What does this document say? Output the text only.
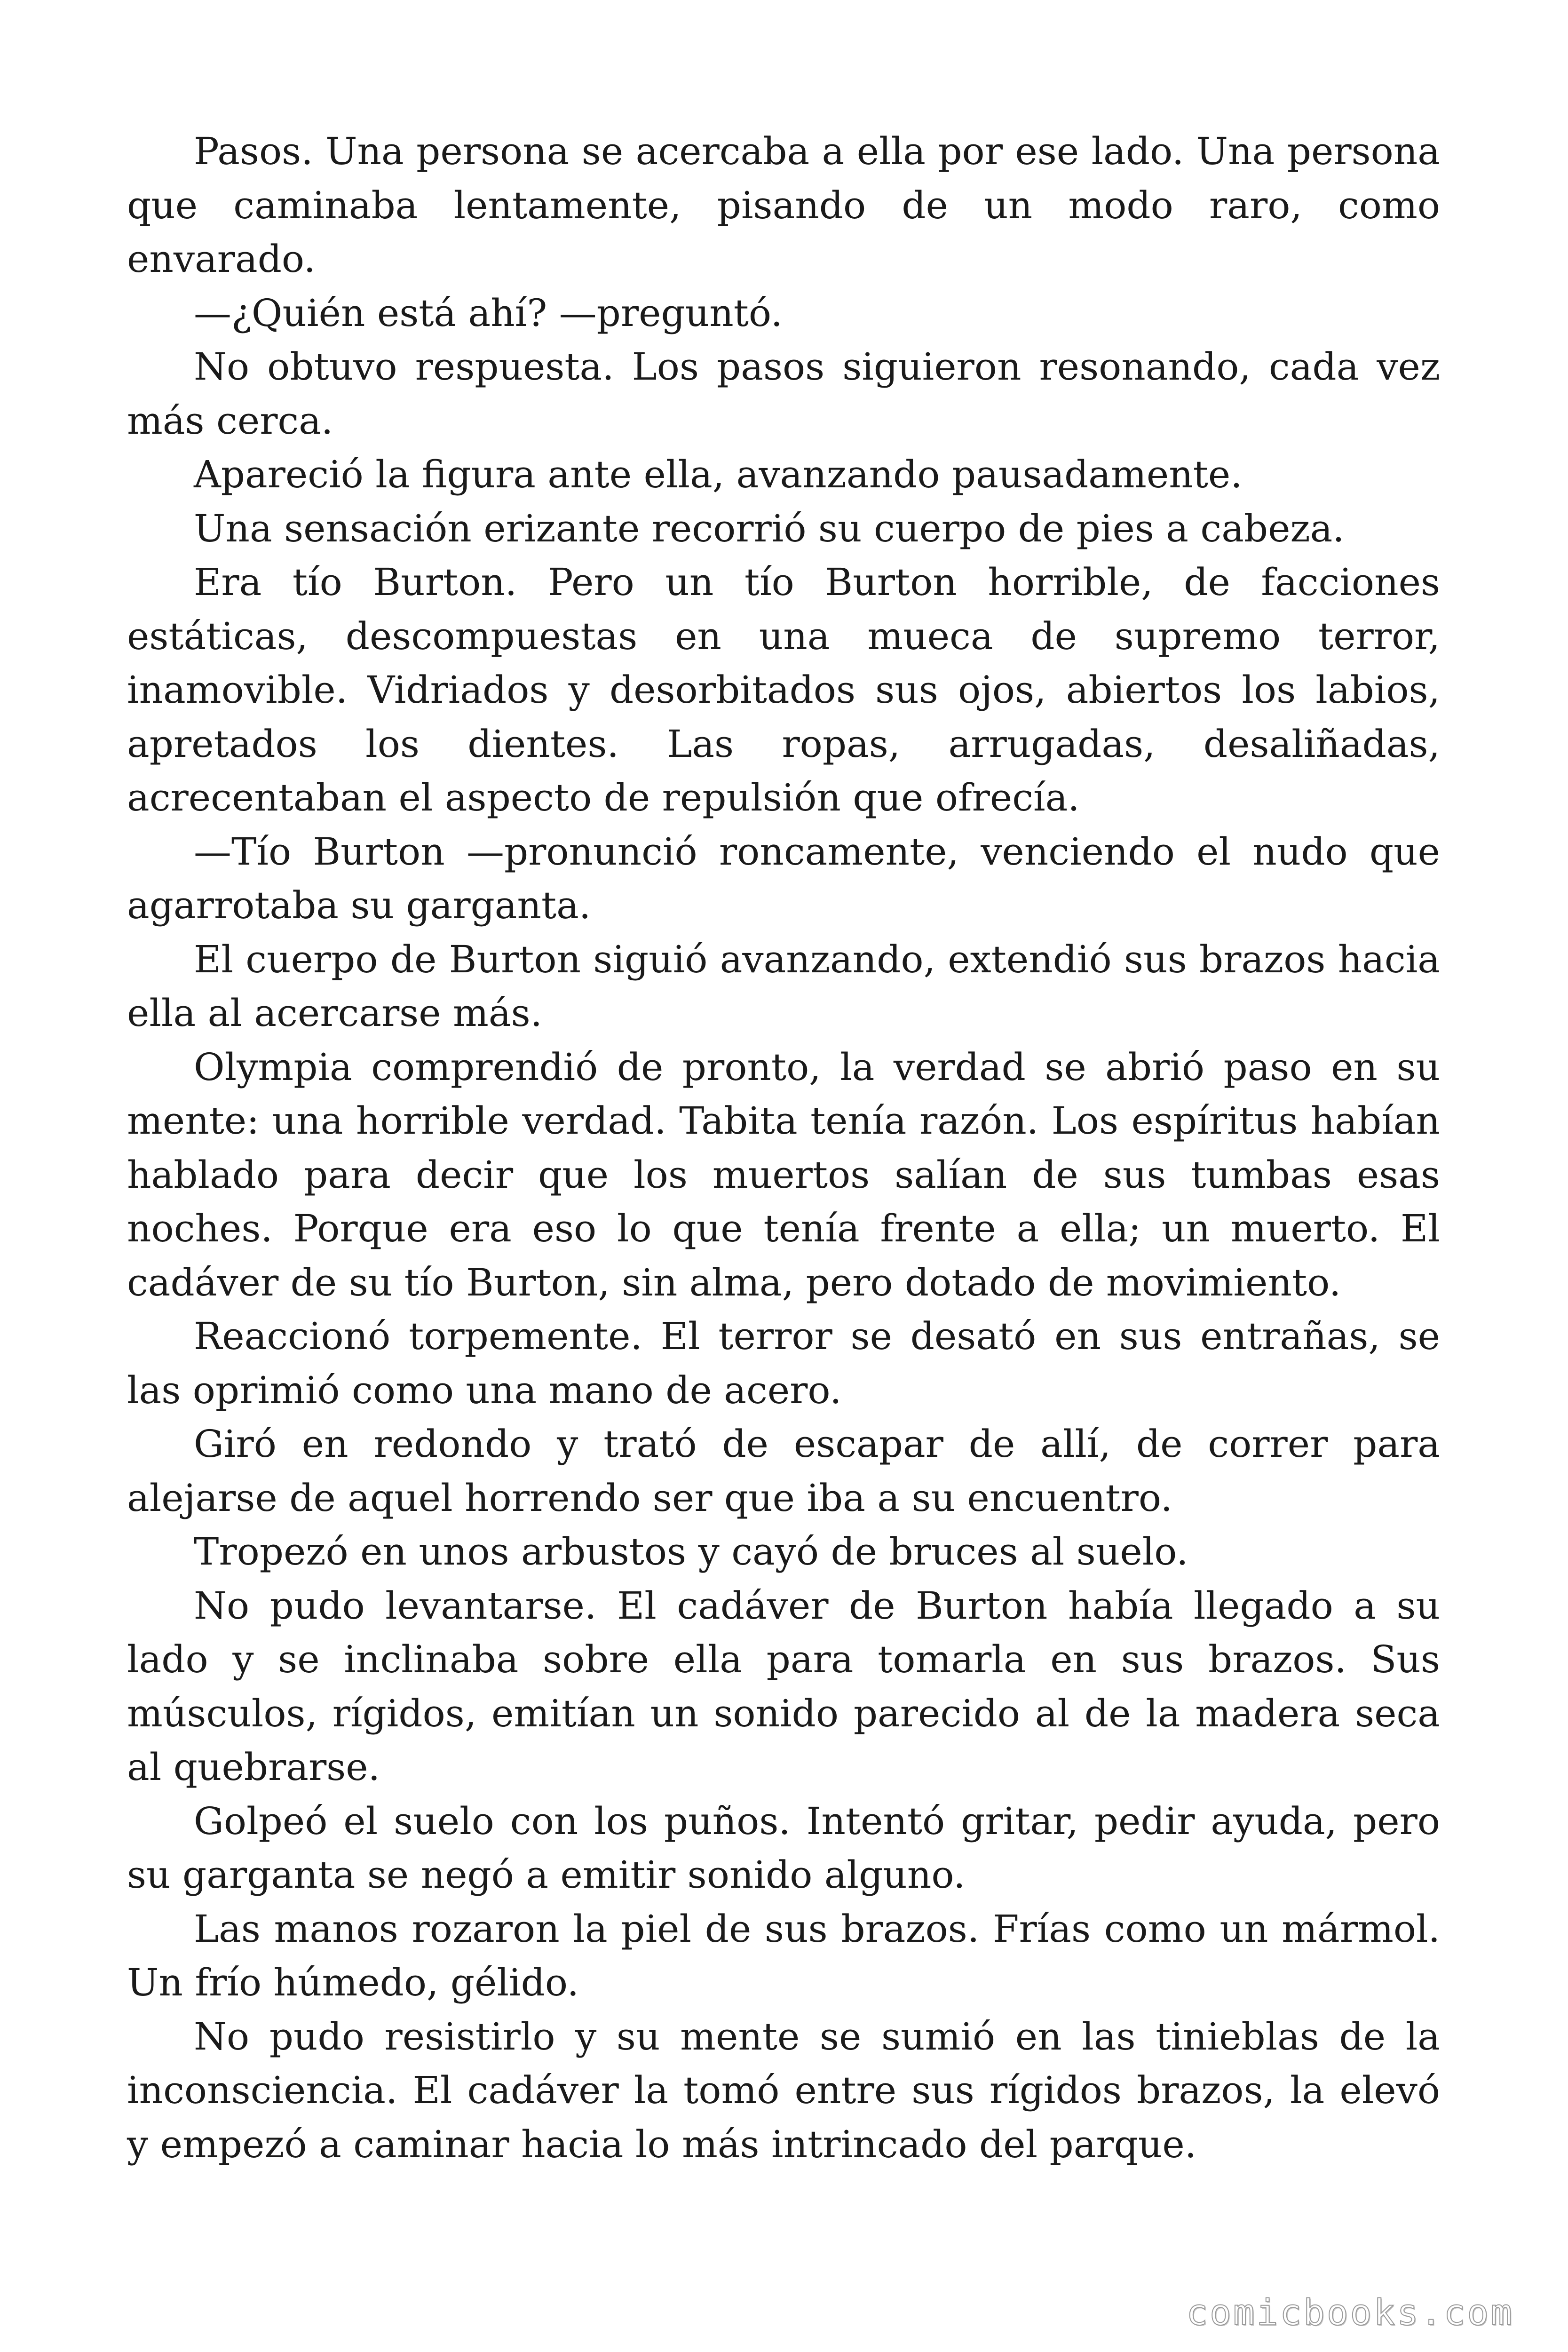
Pasos. Una persona se acercaba a ella por ese lado. Una persona que caminaba lentamente, pisando de un modo raro, como envarado.

—¿Quién está ahí? —preguntó.

No obtuvo respuesta. Los pasos siguieron resonando, cada vez más cerca.

Apareció la figura ante ella, avanzando pausadamente.

Una sensación erizante recorrió su cuerpo de pies a cabeza.

Era tío Burton. Pero un tío Burton horrible, de facciones estáticas, descompuestas en una mueca de supremo terror, inamovible. Vidriados y desorbitados sus ojos, abiertos los labios, apretados los dientes. Las ropas, arrugadas, desaliñadas, acrecentaban el aspecto de repulsión que ofrecía.

—Tío Burton —pronunció roncamente, venciendo el nudo que agarrotaba su garganta.

El cuerpo de Burton siguió avanzando, extendió sus brazos hacia ella al acercarse más.

Olympia comprendió de pronto, la verdad se abrió paso en su mente: una horrible verdad. Tabita tenía razón. Los espíritus habían hablado para decir que los muertos salían de sus tumbas esas noches. Porque era eso lo que tenía frente a ella; un muerto. El cadáver de su tío Burton, sin alma, pero dotado de movimiento.

Reaccionó torpemente. El terror se desató en sus entrañas, se las oprimió como una mano de acero.

Giró en redondo y trató de escapar de allí, de correr para alejarse de aquel horrendo ser que iba a su encuentro.

Tropezó en unos arbustos y cayó de bruces al suelo.

No pudo levantarse. El cadáver de Burton había llegado a su lado y se inclinaba sobre ella para tomarla en sus brazos. Sus músculos, rígidos, emitían un sonido parecido al de la madera seca al quebrarse.

Golpeó el suelo con los puños. Intentó gritar, pedir ayuda, pero su garganta se negó a emitir sonido alguno.

Las manos rozaron la piel de sus brazos. Frías como un mármol. Un frío húmedo, gélido.

No pudo resistirlo y su mente se sumió en las tinieblas de la inconsciencia. El cadáver la tomó entre sus rígidos brazos, la elevó y empezó a caminar hacia lo más intrincado del parque.

comicbooks.com
